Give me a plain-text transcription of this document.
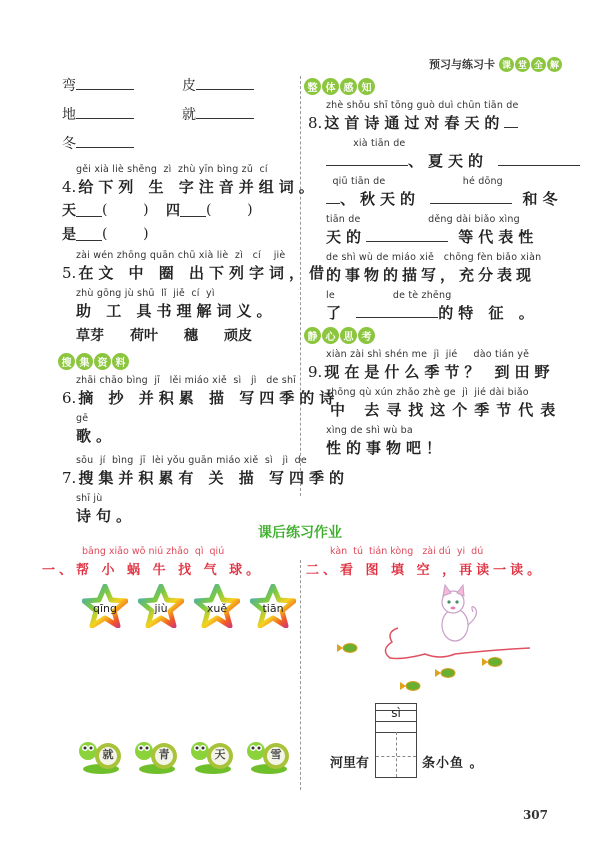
预习与练习卡 课 堂 全 解
弯	皮
地	就
冬
gěi xià liè shēng  zì  zhù yīn bìng zǔ  cí
4. 给下列 生 字注音并组词。
天 (        )	四 (        )
是 (        )
zài wén zhōng quān chū xià liè  zì   cí    jiè
5. 在文 中 圈 出下列字词，借
zhù gōng jù shū  lǐ  jiě  cí  yì
助 工 具书理解词义。
草芽 荷叶 穗 顽皮
搜 集 资 料
zhāi chāo bìng  jī   lěi miáo xiě  sì   jì   de shī
6. 摘 抄 并积累 描 写四季的诗
gē
歌。
sōu  jí  bìng  jī  lèi yǒu guān miáo xiě  sì   jì  de
7. 搜集并积累有 关 描 写四季的
shī jù
诗句。
整 体 感 知
zhè shǒu shī tōng guò duì chūn tiān de
8. 这首诗通过对春天的
xià tiān de
、夏天的
qiū tiān de                        hé dōng
、秋天的	和冬
tiān de                     děng dài biǎo xìng
天的	等代表性
de shì wù de miáo xiě   chōng fèn biǎo xiàn
的事物的描写，充分表现
le                  de tè zhēng
了	的特 征 。
静 心 思 考
xiàn zài shì shén me  jì  jié     dào tián yě
9. 现在是什么季节？ 到田野
zhōng qù xún zhǎo zhè ge  jì  jié dài biǎo
中 去寻找这个季节代表
xìng de shì wù ba
性的事物吧！
课后练习作业
bāng xiǎo wō niú zhǎo  qì  qiú
一、帮 小 蜗 牛 找 气 球。
kàn  tú  tián kòng   zài dú  yi  dú
二、看 图 填 空 ，再读一读。
qīng	jiù	xuě	tiān
就	青	天	雪
sì
河里有	条小鱼 。
307
